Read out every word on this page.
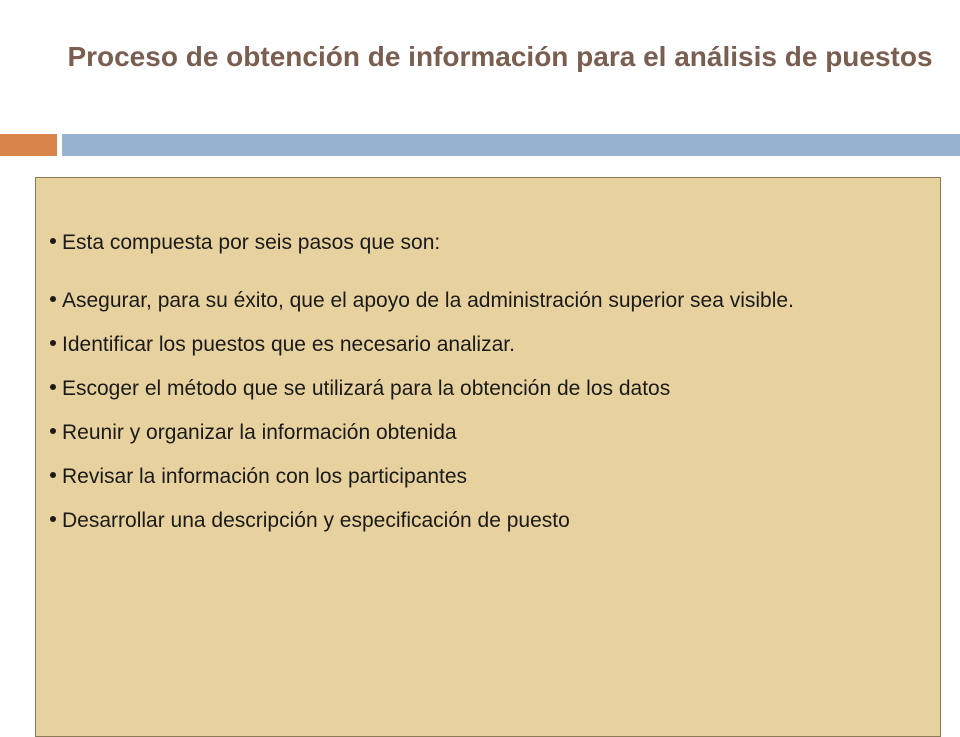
Proceso de obtención de información para el análisis de puestos
Esta compuesta por seis pasos que son:
Asegurar, para su éxito, que el apoyo de la administración superior sea visible.
Identificar los puestos que es necesario analizar.
Escoger el método que se utilizará para la obtención de los datos
Reunir y organizar la información obtenida
Revisar la información con los participantes
Desarrollar una descripción y especificación de puesto
